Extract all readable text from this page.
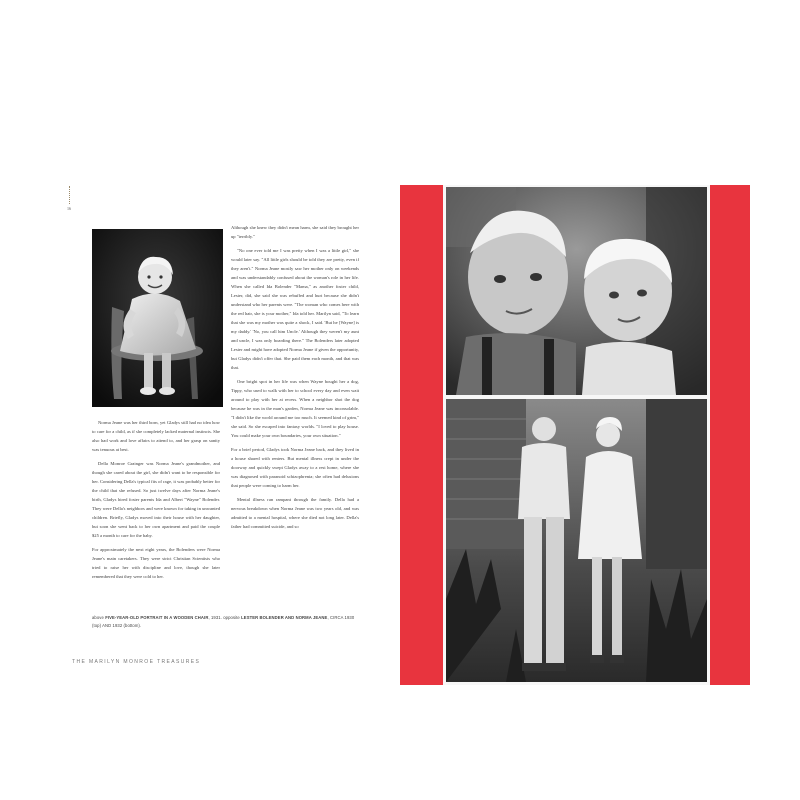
16

Norma Jeane was her third born, yet Gladys still had no idea how to care for a child, as if she completely lacked maternal instincts. She also had work and love affairs to attend to, and her grasp on sanity was tenuous at best.

Della Monroe Grainger was Norma Jeane's grandmother, and though she cared about the girl, she didn't want to be responsible for her. Considering Della's typical fits of rage, it was probably better for the child that she refused. So just twelve days after Norma Jeane's birth, Gladys hired foster parents Ida and Albert "Wayne" Bolender. They were Della's neighbors and were known for taking in unwanted children. Briefly, Gladys moved into their house with her daughter, but soon she went back to her own apartment and paid the couple $25 a month to care for the baby.

For approximately the next eight years, the Bolenders were Norma Jeane's main caretakers. They were strict Christian Scientists who tried to raise her with discipline and love, though she later remembered that they were cold to her.

Although she knew they didn't mean harm, she said they brought her up "terribly."

"No one ever told me I was pretty when I was a little girl," she would later say. "All little girls should be told they are pretty, even if they aren't." Norma Jeane mostly saw her mother only on weekends and was understandably confused about the woman's role in her life. When she called Ida Bolender "Mama," as another foster child, Lester, did, she said she was rebuffed and hurt because she didn't understand who her parents were. "The woman who comes here with the red hair, she is your mother," Ida told her. Marilyn said, "To learn that she was my mother was quite a shock, I said. 'But he [Wayne] is my daddy.' 'No, you call him Uncle.' Although they weren't my aunt and uncle, I was only boarding there." The Bolenders later adopted Lester and might have adopted Norma Jeane if given the opportunity, but Gladys didn't offer that. She paid them each month, and that was that.

One bright spot in her life was when Wayne bought her a dog, Tippy, who used to walk with her to school every day and even wait around to play with her at recess. When a neighbor shot the dog because he was in the man's garden, Norma Jeane was inconsolable. "I didn't like the world around me too much. It seemed kind of grim," she said. So she escaped into fantasy worlds. "I loved to play house. You could make your own boundaries, your own situation."

For a brief period, Gladys took Norma Jeane back, and they lived in a house shared with renters. But mental illness crept in under the doorway and quickly swept Gladys away to a rest home, where she was diagnosed with paranoid schizophrenia; she often had delusions that people were coming to harm her.

Mental illness ran rampant through the family. Della had a nervous breakdown when Norma Jeane was two years old, and was admitted to a mental hospital, where she died not long later. Della's father had committed suicide, and so

above FIVE-YEAR-OLD PORTRAIT IN A WOODEN CHAIR, 1931. opposite LESTER BOLENDER AND NORMA JEANE, CIRCA 1930
(top) AND 1932 (bottom).
THE MARILYN MONROE TREASURES
